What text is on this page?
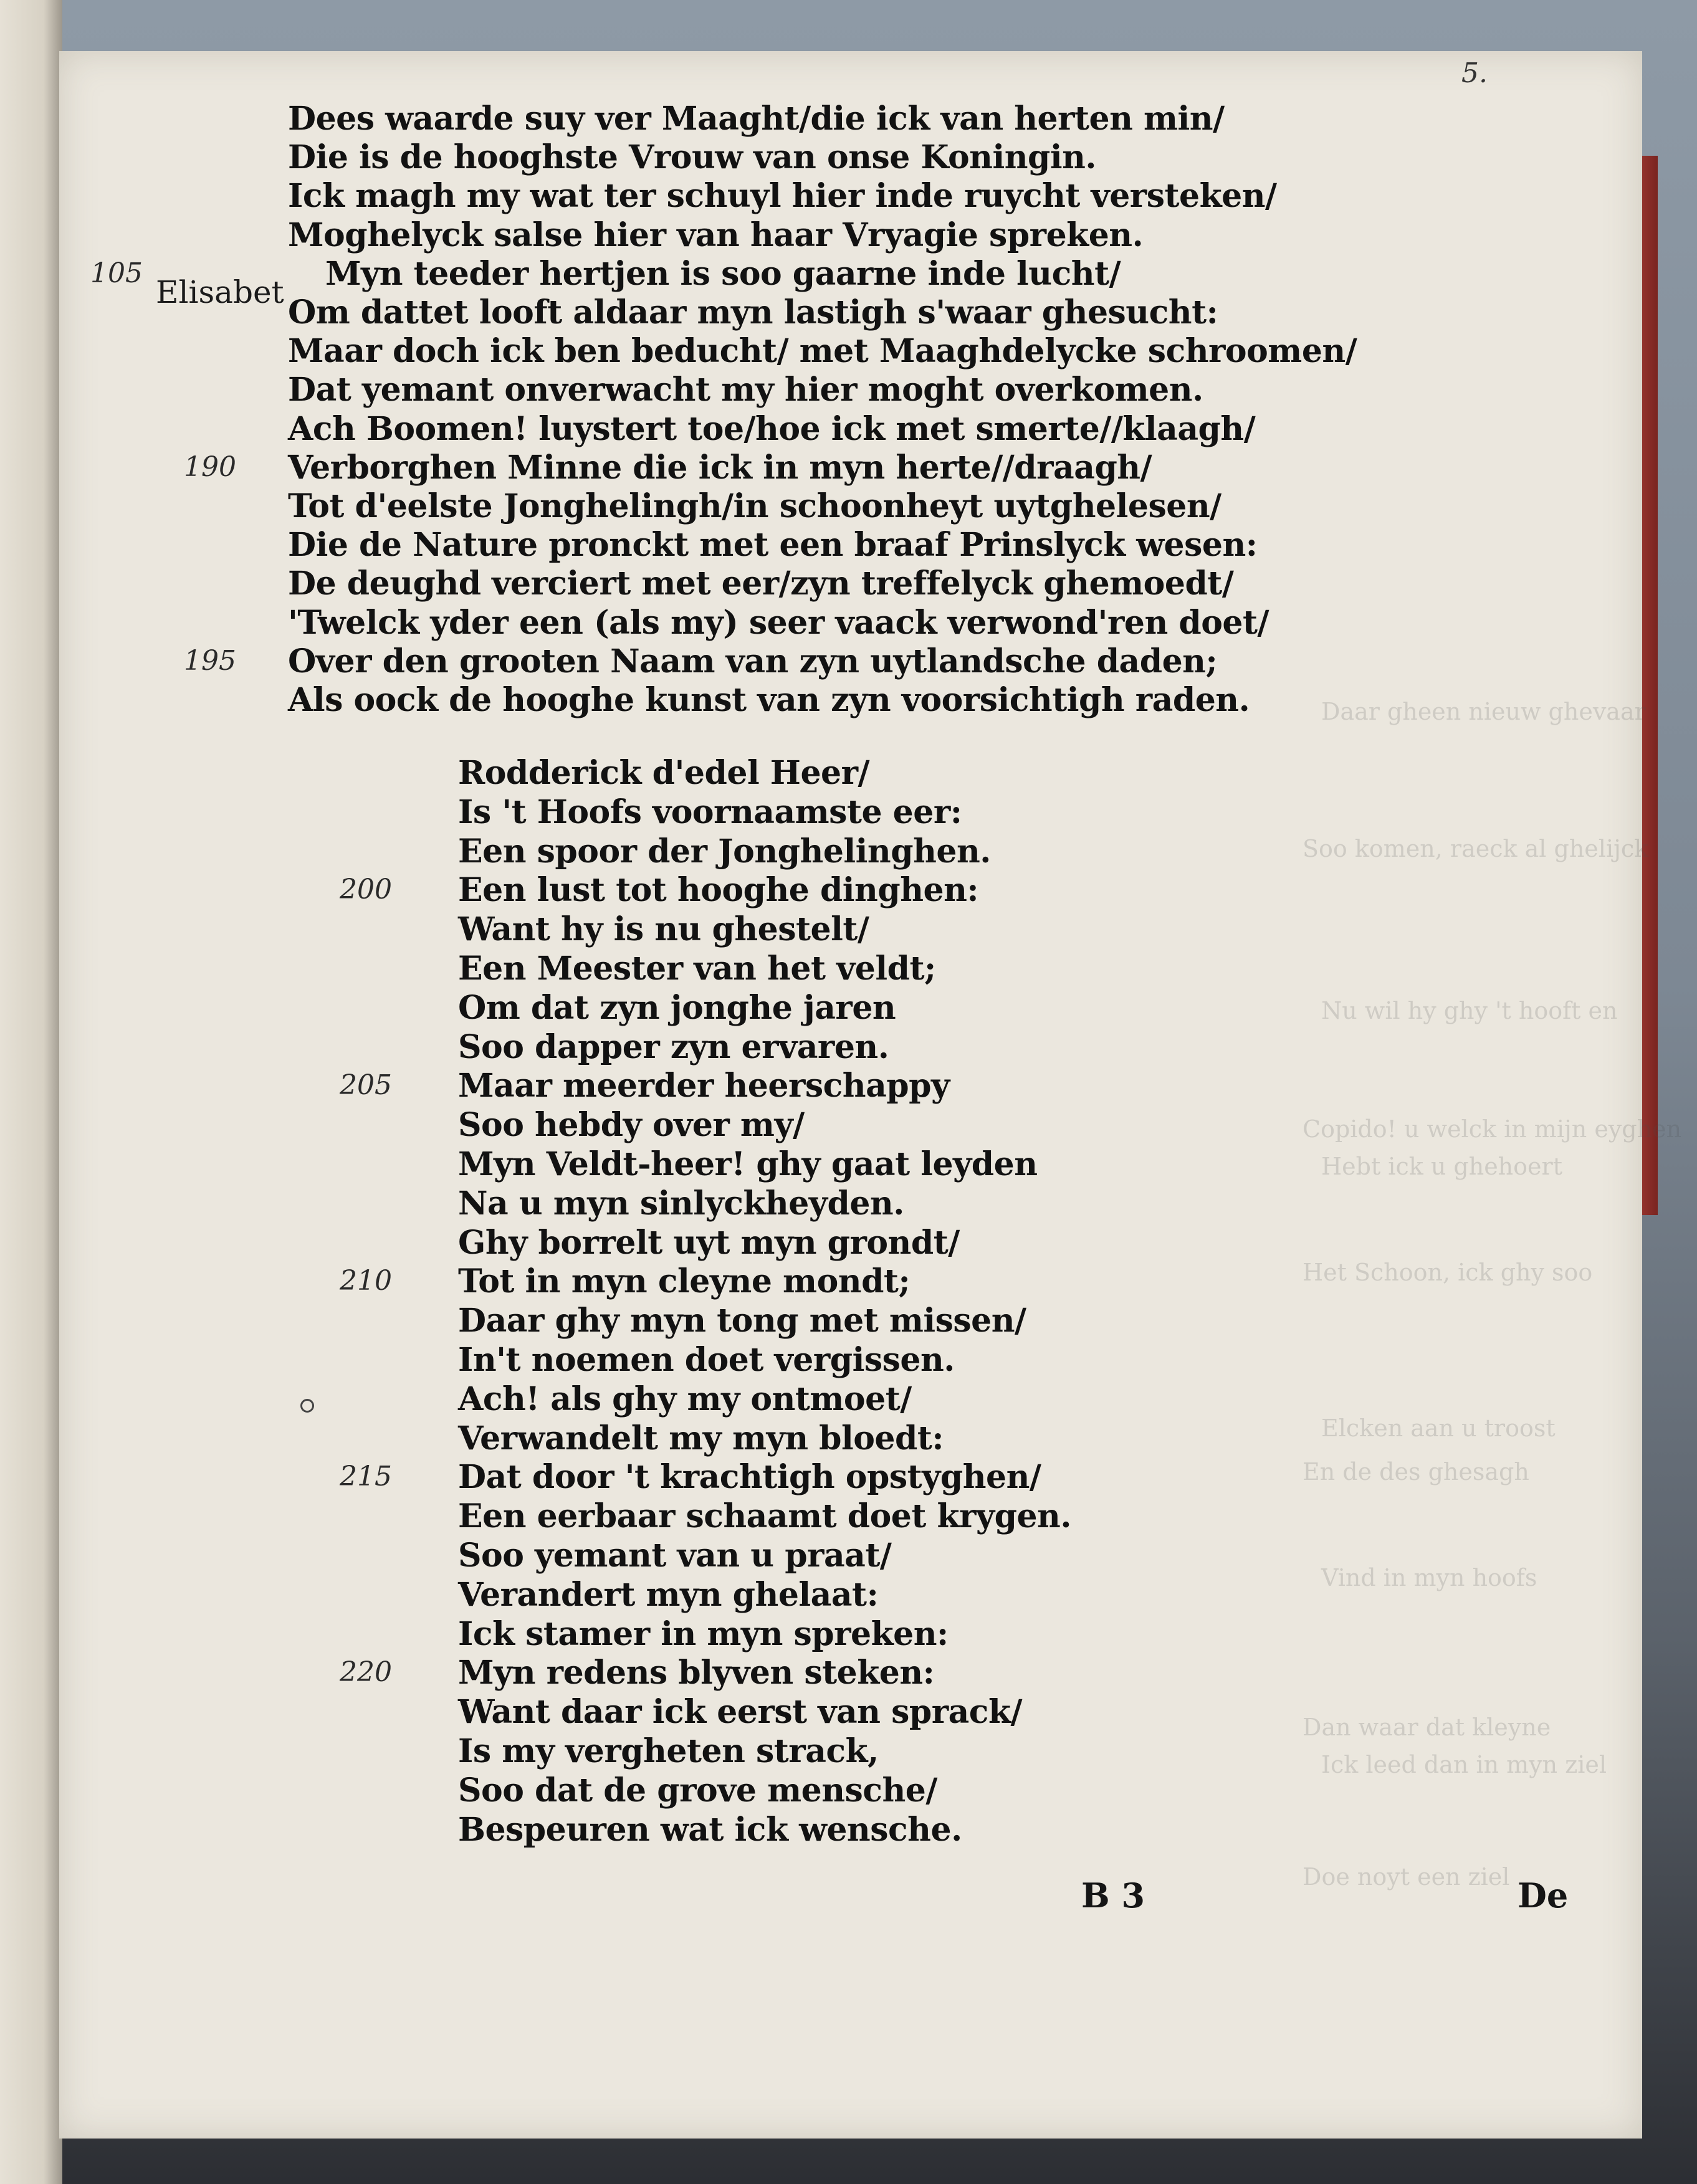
Daar gheen nieuw ghevaar
Soo komen, raeck al ghelijck
Nu wil hy ghy 't hooft en
Copido! u welck in mijn eyghen
Hebt ick u ghehoert
Het Schoon, ick ghy soo
Elcken aan u troost
En de des ghesagh
Vind in myn hoofs
Dan waar dat kleyne
Ick leed dan in myn ziel
Doe noyt een ziel
5.
Elisabet
Dees waarde suy ver Maaght/die ick van herten min/
Die is de hooghste Vrouw van onse Koningin.
Ick magh my wat ter schuyl hier inde ruycht versteken/
Moghelyck salse hier van haar Vryagie spreken.
Myn teeder hertjen is soo gaarne inde lucht/
Om dattet looft aldaar myn lastigh s'waar ghesucht:
Maar doch ick ben beducht/ met Maaghdelycke schroomen/
Dat yemant onverwacht my hier moght overkomen.
Ach Boomen! luystert toe/hoe ick met smerte//klaagh/
Verborghen Minne die ick in myn herte//draagh/
Tot d'eelste Jonghelingh/in schoonheyt uytghelesen/
Die de Nature pronckt met een braaf Prinslyck wesen:
De deughd verciert met eer/zyn treffelyck ghemoedt/
'Twelck yder een (als my) seer vaack verwond'ren doet/
Over den grooten Naam van zyn uytlandsche daden;
Als oock de hooghe kunst van zyn voorsichtigh raden.
Rodderick d'edel Heer/
Is 't Hoofs voornaamste eer:
Een spoor der Jonghelinghen.
Een lust tot hooghe dinghen:
Want hy is nu ghestelt/
Een Meester van het veldt;
Om dat zyn jonghe jaren
Soo dapper zyn ervaren.
Maar meerder heerschappy
Soo hebdy over my/
Myn Veldt-heer! ghy gaat leyden
Na u myn sinlyckheyden.
Ghy borrelt uyt myn grondt/
Tot in myn cleyne mondt;
Daar ghy myn tong met missen/
In't noemen doet vergissen.
Ach! als ghy my ontmoet/
Verwandelt my myn bloedt:
Dat door 't krachtigh opstyghen/
Een eerbaar schaamt doet krygen.
Soo yemant van u praat/
Verandert myn ghelaat:
Ick stamer in myn spreken:
Myn redens blyven steken:
Want daar ick eerst van sprack/
Is my vergheten strack,
Soo dat de grove mensche/
Bespeuren wat ick wensche.
105
190
195
200
205
210
215
220
B 3	De
